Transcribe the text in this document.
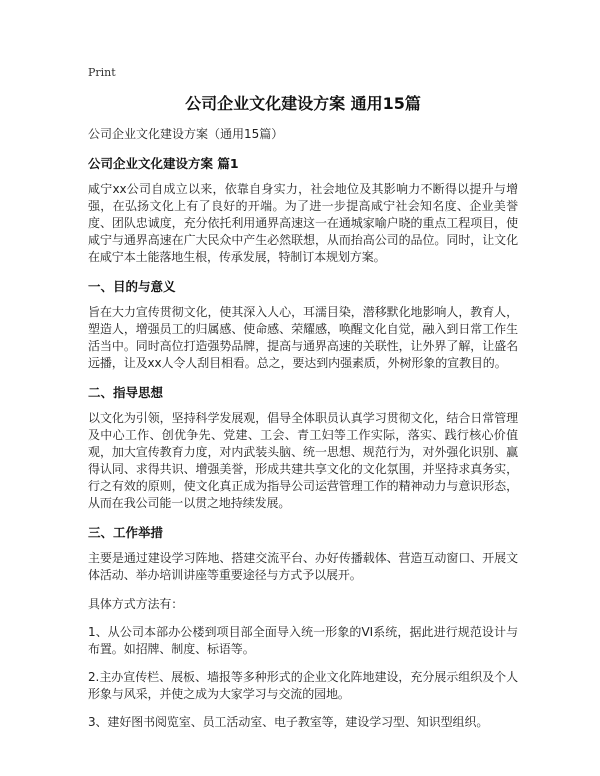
Print
公司企业文化建设方案 通用15篇

公司企业文化建设方案（通用15篇）

公司企业文化建设方案 篇1

咸宁xx公司自成立以来，依靠自身实力，社会地位及其影响力不断得以提升与增强，在弘扬文化上有了良好的开端。为了进一步提高咸宁社会知名度、企业美誉度、团队忠诚度，充分依托利用通界高速这一在通城家喻户晓的重点工程项目，使咸宁与通界高速在广大民众中产生必然联想，从而抬高公司的品位。同时，让文化在咸宁本土能落地生根，传承发展，特制订本规划方案。

一、目的与意义

旨在大力宣传贯彻文化，使其深入人心，耳濡目染，潜移默化地影响人，教育人，塑造人，增强员工的归属感、使命感、荣耀感，唤醒文化自觉，融入到日常工作生活当中。同时高位打造强势品牌，提高与通界高速的关联性，让外界了解，让盛名远播，让及xx人令人刮目相看。总之，要达到内强素质，外树形象的宣教目的。

二、指导思想

以文化为引领，坚持科学发展观，倡导全体职员认真学习贯彻文化，结合日常管理及中心工作、创优争先、党建、工会、青工妇等工作实际，落实、践行核心价值观，加大宣传教育力度，对内武装头脑、统一思想、规范行为，对外强化识别、赢得认同、求得共识、增强美誉，形成共建共享文化的文化氛围，并坚持求真务实，行之有效的原则，使文化真正成为指导公司运营管理工作的精神动力与意识形态，从而在我公司能一以贯之地持续发展。

三、工作举措

主要是通过建设学习阵地、搭建交流平台、办好传播载体、营造互动窗口、开展文体活动、举办培训讲座等重要途径与方式予以展开。

具体方式方法有：

1、从公司本部办公楼到项目部全面导入统一形象的VI系统，据此进行规范设计与布置。如招牌、制度、标语等。

2.主办宣传栏、展板、墙报等多种形式的企业文化阵地建设，充分展示组织及个人形象与风采，并使之成为大家学习与交流的园地。

3、建好图书阅览室、员工活动室、电子教室等，建设学习型、知识型组织。
